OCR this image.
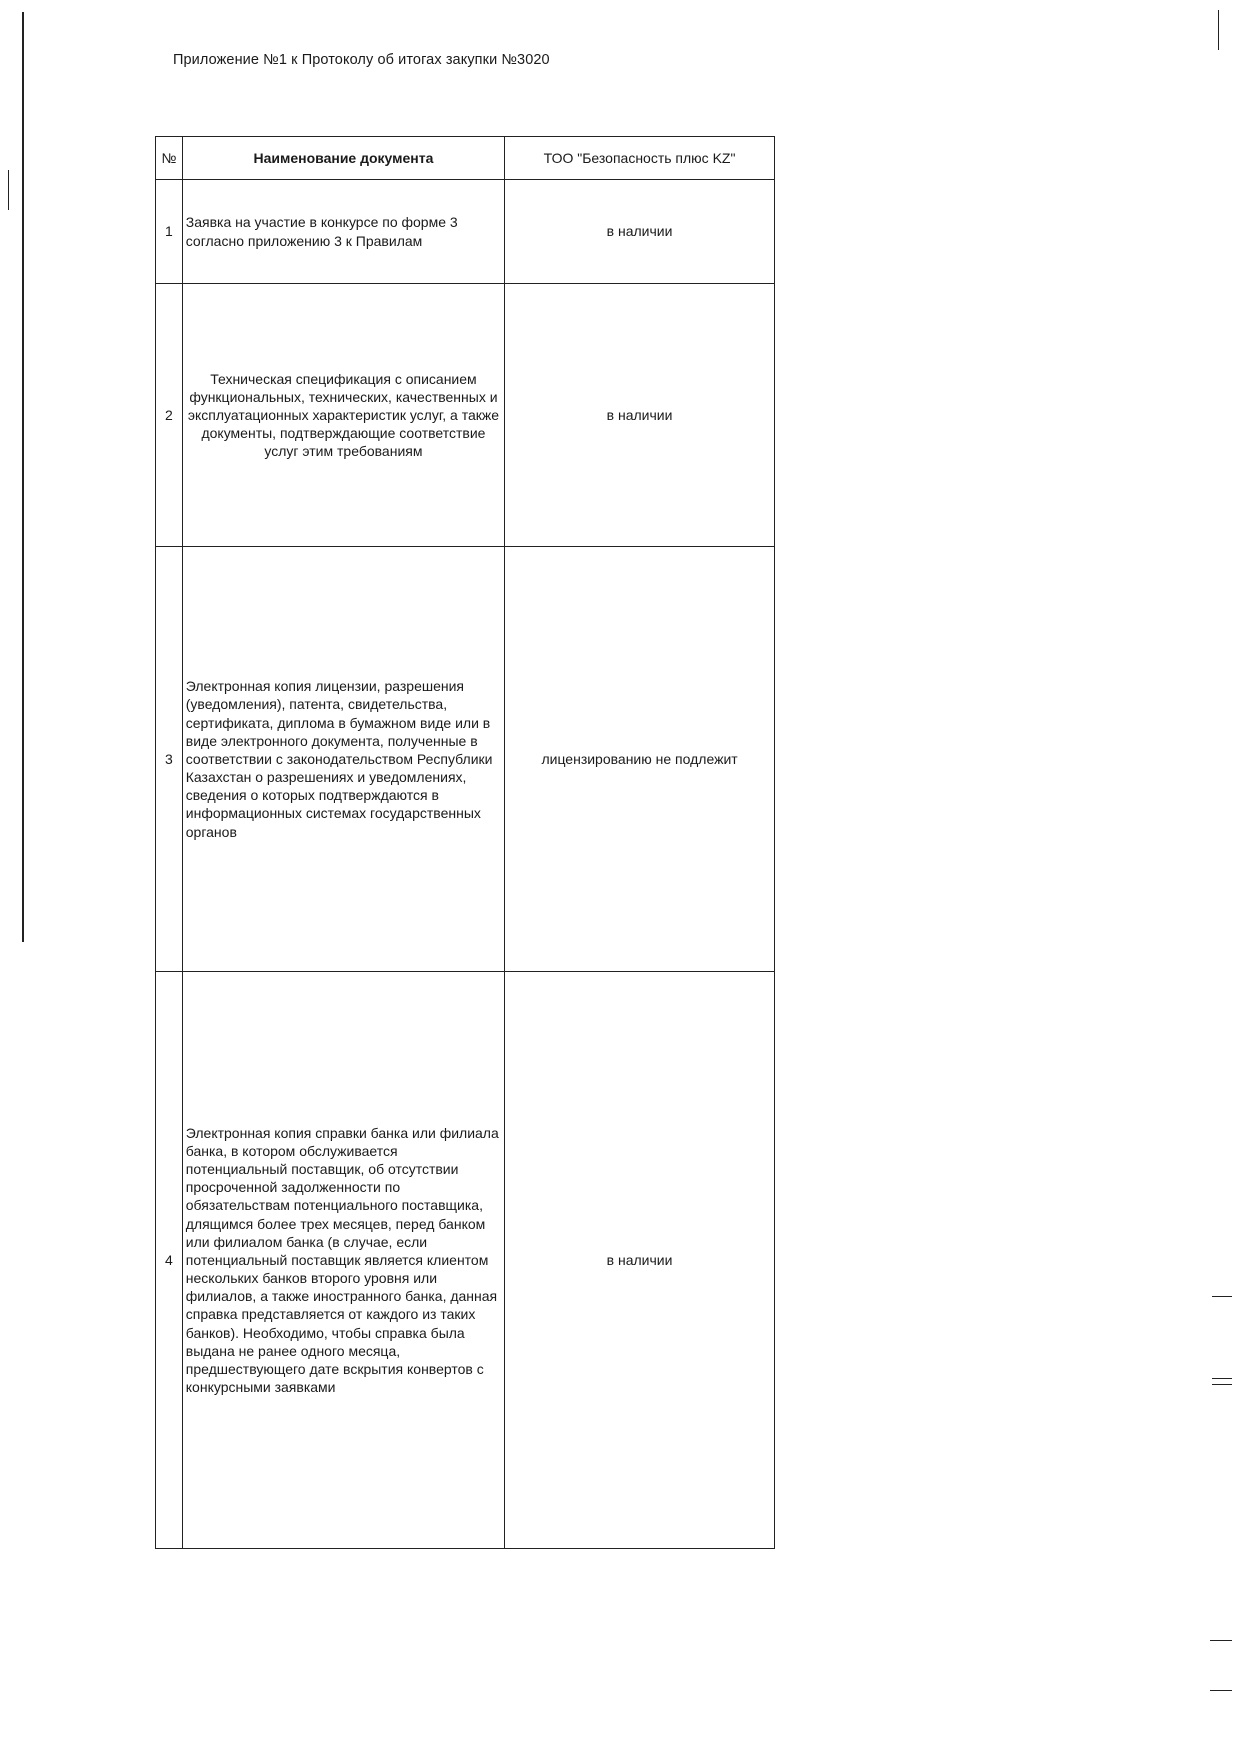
Приложение №1 к Протоколу об итогах закупки №3020
№	Наименование документа	ТОО "Безопасность плюс KZ"
1	Заявка на участие в конкурсе по форме 3 согласно приложению 3 к Правилам	в наличии
2	Техническая спецификация с описанием функциональных, технических, качественных и эксплуатационных характеристик услуг, а также документы, подтверждающие соответствие услуг этим требованиям	в наличии
3	Электронная копия лицензии, разрешения (уведомления), патента, свидетельства, сертификата, диплома в бумажном виде или в виде электронного документа, полученные в соответствии с законодательством Республики Казахстан о разрешениях и уведомлениях, сведения о которых подтверждаются в информационных системах государственных органов	лицензированию не подлежит
4	Электронная копия справки банка или филиала банка, в котором обслуживается потенциальный поставщик, об отсутствии просроченной задолженности по обязательствам потенциального поставщика, длящимся более трех месяцев, перед банком или филиалом банка (в случае, если потенциальный поставщик является клиентом нескольких банков второго уровня или филиалов, а также иностранного банка, данная справка представляется от каждого из таких банков). Необходимо, чтобы справка была выдана не ранее одного месяца, предшествующего дате вскрытия конвертов с конкурсными заявками	в наличии
